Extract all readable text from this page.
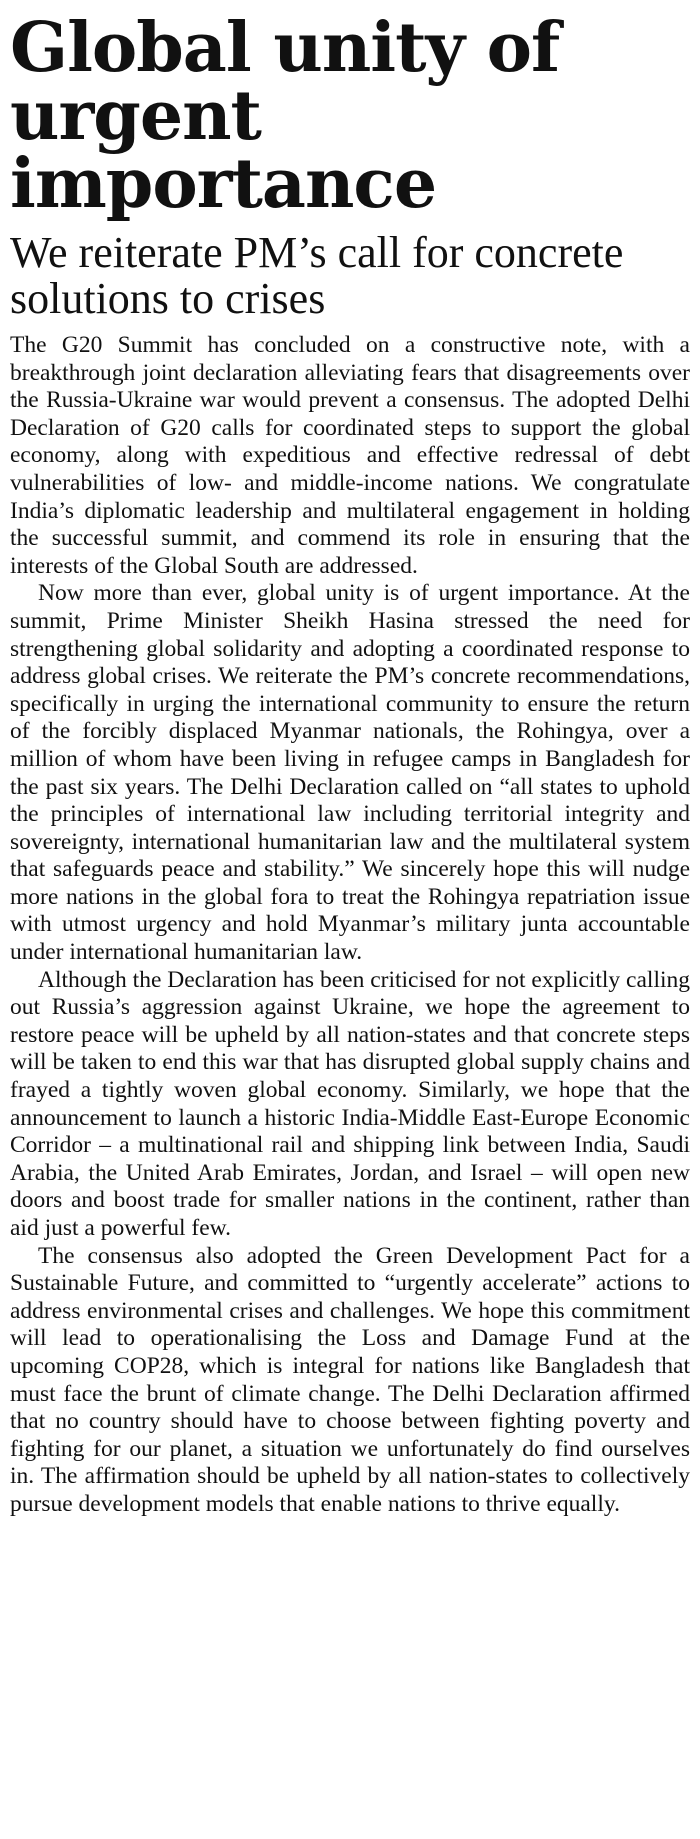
Global unity of urgent importance
We reiterate PM’s call for concrete solutions to crises

The G20 Summit has concluded on a constructive note, with a breakthrough joint declaration alleviating fears that disagreements over the Russia-Ukraine war would prevent a consensus. The adopted Delhi Declaration of G20 calls for coordinated steps to support the global economy, along with expeditious and effective redressal of debt vulnerabilities of low- and middle-income nations. We congratulate India’s diplomatic leadership and multilateral engagement in holding the successful summit, and commend its role in ensuring that the interests of the Global South are addressed.

Now more than ever, global unity is of urgent importance. At the summit, Prime Minister Sheikh Hasina stressed the need for strengthening global solidarity and adopting a coordinated response to address global crises. We reiterate the PM’s concrete recommendations, specifically in urging the international community to ensure the return of the forcibly displaced Myanmar nationals, the Rohingya, over a million of whom have been living in refugee camps in Bangladesh for the past six years. The Delhi Declaration called on “all states to uphold the principles of international law including territorial integrity and sovereignty, international humanitarian law and the multilateral system that safeguards peace and stability.” We sincerely hope this will nudge more nations in the global fora to treat the Rohingya repatriation issue with utmost urgency and hold Myanmar’s military junta accountable under international humanitarian law.

Although the Declaration has been criticised for not explicitly calling out Russia’s aggression against Ukraine, we hope the agreement to restore peace will be upheld by all nation-states and that concrete steps will be taken to end this war that has disrupted global supply chains and frayed a tightly woven global economy. Similarly, we hope that the announcement to launch a historic India-Middle East-Europe Economic Corridor – a multinational rail and shipping link between India, Saudi Arabia, the United Arab Emirates, Jordan, and Israel – will open new doors and boost trade for smaller nations in the continent, rather than aid just a powerful few.

The consensus also adopted the Green Development Pact for a Sustainable Future, and committed to “urgently accelerate” actions to address environmental crises and challenges. We hope this commitment will lead to operationalising the Loss and Damage Fund at the upcoming COP28, which is integral for nations like Bangladesh that must face the brunt of climate change. The Delhi Declaration affirmed that no country should have to choose between fighting poverty and fighting for our planet, a situation we unfortunately do find ourselves in. The affirmation should be upheld by all nation-states to collectively pursue development models that enable nations to thrive equally.
